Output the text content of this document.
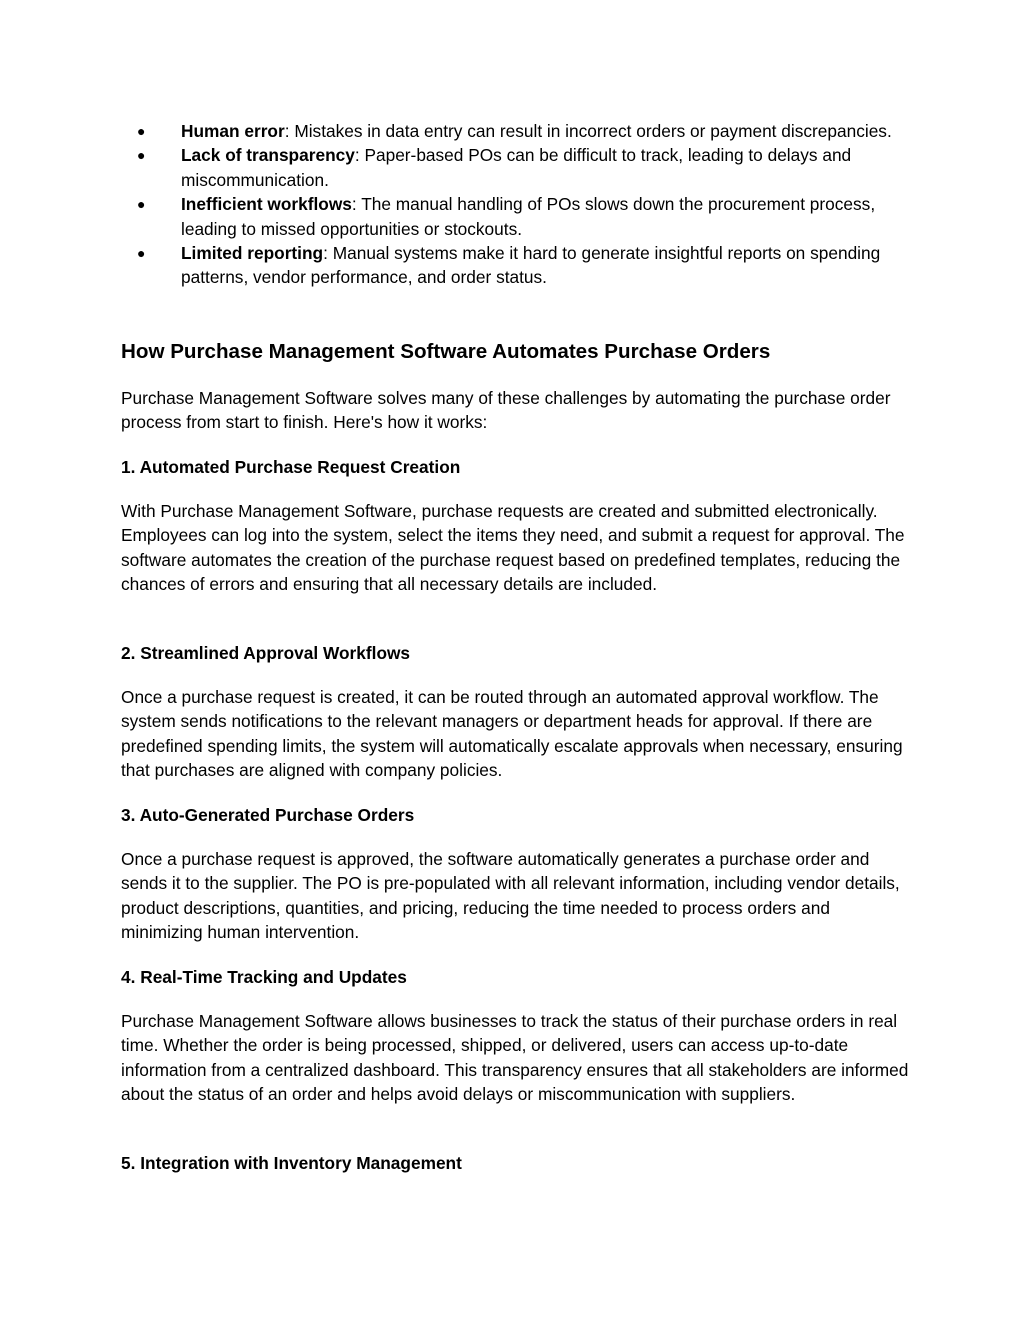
● Human error: Mistakes in data entry can result in incorrect orders or payment discrepancies.
● Lack of transparency: Paper-based POs can be difficult to track, leading to delays and miscommunication.
● Inefficient workflows: The manual handling of POs slows down the procurement process, leading to missed opportunities or stockouts.
● Limited reporting: Manual systems make it hard to generate insightful reports on spending patterns, vendor performance, and order status.
How Purchase Management Software Automates Purchase Orders

Purchase Management Software solves many of these challenges by automating the purchase order process from start to finish. Here's how it works:

1. Automated Purchase Request Creation

With Purchase Management Software, purchase requests are created and submitted electronically. Employees can log into the system, select the items they need, and submit a request for approval. The software automates the creation of the purchase request based on predefined templates, reducing the chances of errors and ensuring that all necessary details are included.

2. Streamlined Approval Workflows

Once a purchase request is created, it can be routed through an automated approval workflow. The system sends notifications to the relevant managers or department heads for approval. If there are predefined spending limits, the system will automatically escalate approvals when necessary, ensuring that purchases are aligned with company policies.

3. Auto-Generated Purchase Orders

Once a purchase request is approved, the software automatically generates a purchase order and sends it to the supplier. The PO is pre-populated with all relevant information, including vendor details, product descriptions, quantities, and pricing, reducing the time needed to process orders and minimizing human intervention.

4. Real-Time Tracking and Updates

Purchase Management Software allows businesses to track the status of their purchase orders in real time. Whether the order is being processed, shipped, or delivered, users can access up-to-date information from a centralized dashboard. This transparency ensures that all stakeholders are informed about the status of an order and helps avoid delays or miscommunication with suppliers.

5. Integration with Inventory Management
